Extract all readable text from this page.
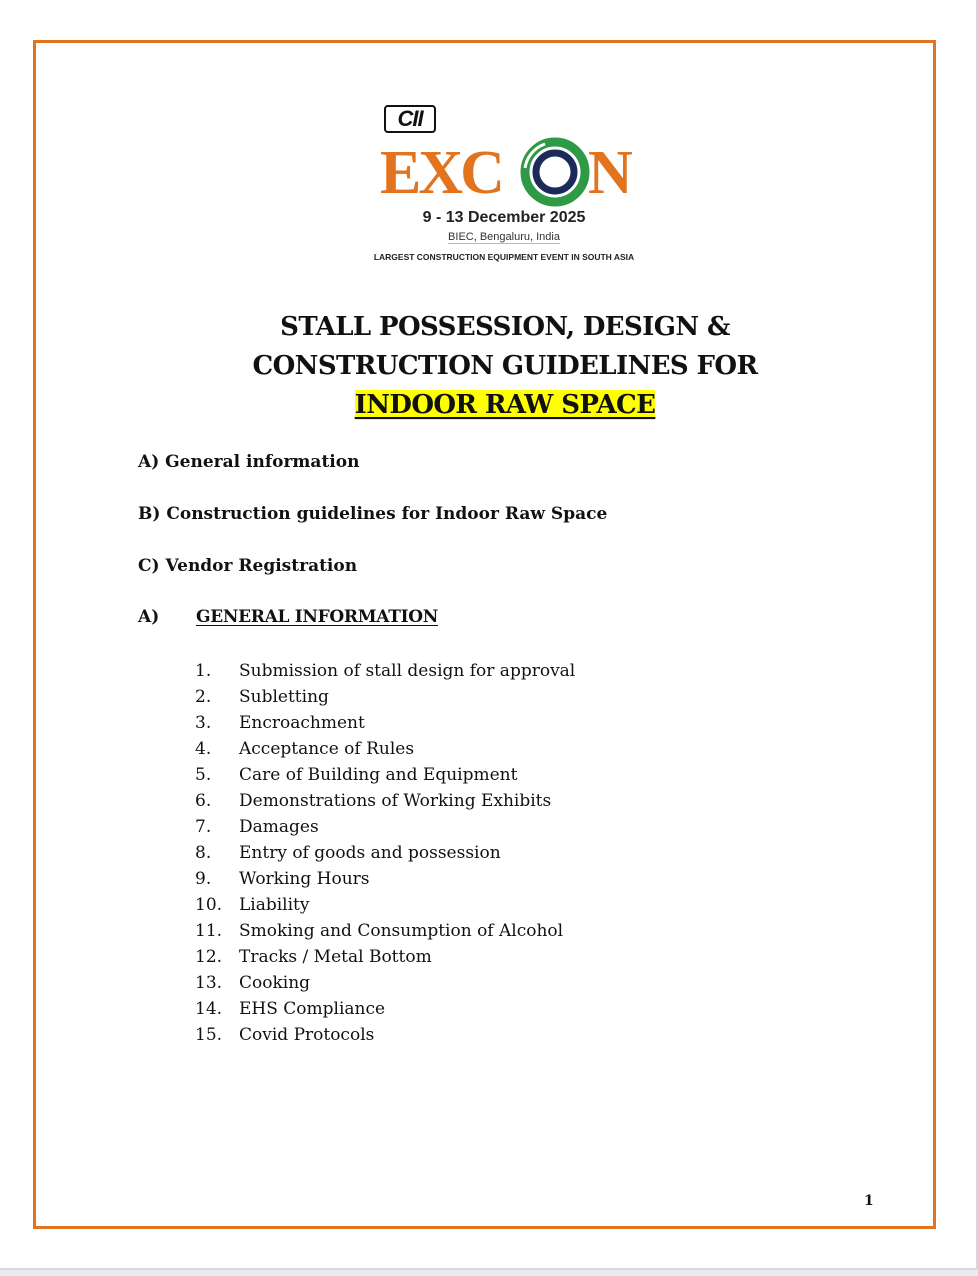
CII
EXC N
9 - 13 December 2025
BIEC, Bengaluru, India
LARGEST CONSTRUCTION EQUIPMENT EVENT IN SOUTH ASIA
STALL POSSESSION, DESIGN &
CONSTRUCTION GUIDELINES FOR
INDOOR RAW SPACE
A) General information
B) Construction guidelines for Indoor Raw Space
C) Vendor Registration
A) GENERAL INFORMATION
1.	Submission of stall design for approval
2.	Subletting
3.	Encroachment
4.	Acceptance of Rules
5.	Care of Building and Equipment
6.	Demonstrations of Working Exhibits
7.	Damages
8.	Entry of goods and possession
9.	Working Hours
10. Liability
11. Smoking and Consumption of Alcohol
12. Tracks / Metal Bottom
13. Cooking
14. EHS Compliance
15. Covid Protocols
1
